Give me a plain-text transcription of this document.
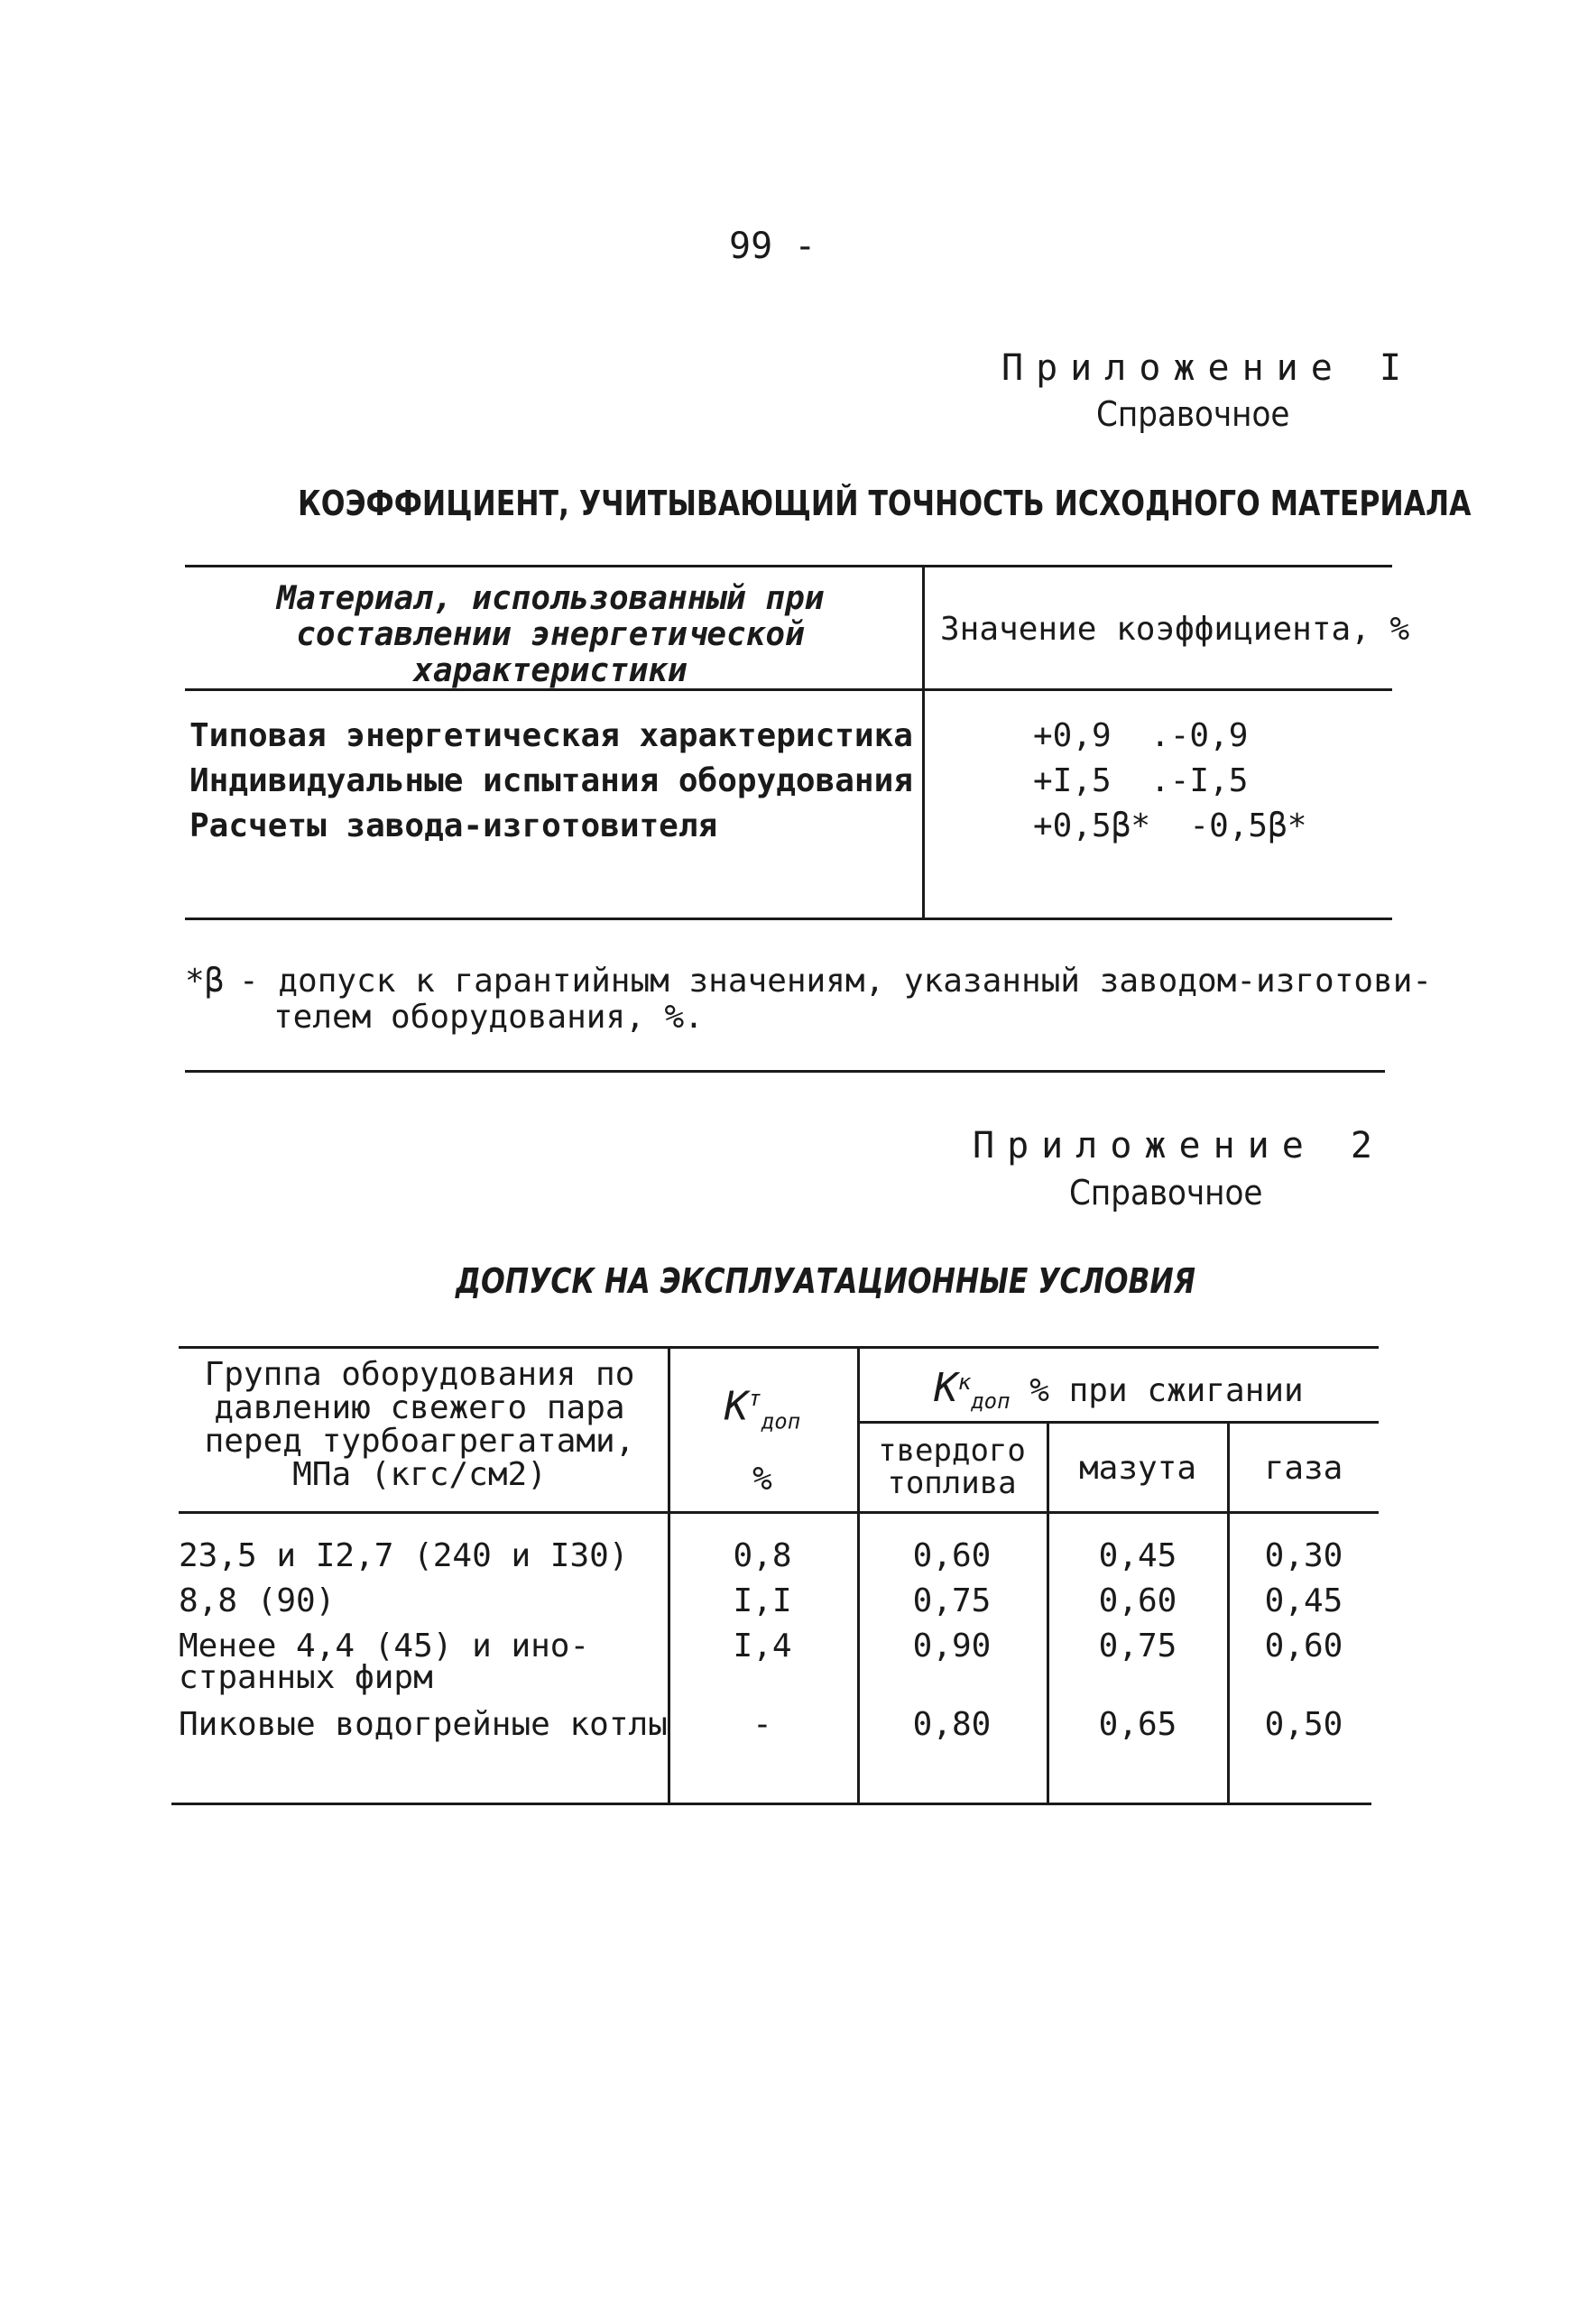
99 -
Приложение I
Справочное
КОЭФФИЦИЕНТ, УЧИТЫВАЮЩИЙ ТОЧНОСТЬ ИСХОДНОГО МАТЕРИАЛА
Материал, использованный при
составлении энергетической
характеристики
Значение коэффициента, %
Типовая энергетическая характеристика	+0,9  .-0,9
Индивидуальные испытания оборудования	+I,5  .-I,5
Расчеты завода-изготовителя	+0,5β*  -0,5β*
*β - допуск к гарантийным значениям, указанный заводом-изготови-
телем оборудования, %.
Приложение 2
Справочное
ДОПУСК НА ЭКСПЛУАТАЦИОННЫЕ УСЛОВИЯ
Группа оборудования по
давлению свежего пара
перед турбоагрегатами,
МПа (кгс/см2)
$K^т_{доп}$
%
$K^к_{доп}$ % при сжигании
твердого топлива	мазута	газа
23,5 и I2,7 (240 и I30)	0,8	0,60	0,45	0,30
8,8 (90)	I,I	0,75	0,60	0,45
Менее 4,4 (45) и ино-
странных фирм
I,4	0,90	0,75	0,60
Пиковые водогрейные котлы	-	0,80	0,65	0,50
